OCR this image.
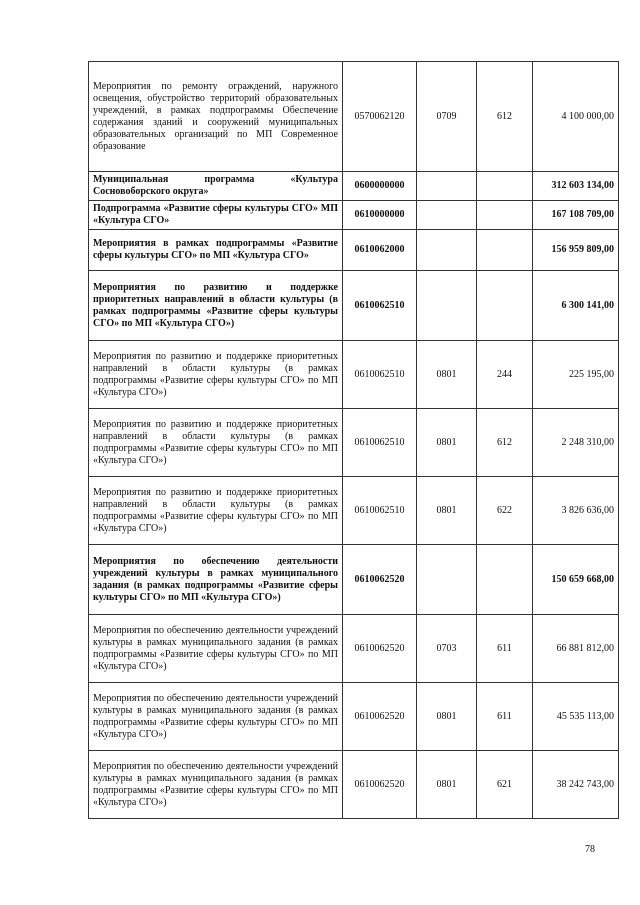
Мероприятия по ремонту ограждений, наружного освещения, обустройство территорий образовательных учреждений, в рамках подпрограммы Обеспечение содержания зданий и сооружений муниципальных образовательных организаций по МП Современное образование	0570062120	0709	612	4 100 000,00
Муниципальная программа «Культура Сосновоборского округа»	0600000000			312 603 134,00
Подпрограмма «Развитие сферы культуры СГО» МП «Культура СГО»	0610000000			167 108 709,00
Мероприятия в рамках подпрограммы «Развитие сферы культуры СГО» по МП «Культура СГО»	0610062000			156 959 809,00
Мероприятия по развитию и поддержке приоритетных направлений в области культуры (в рамках подпрограммы «Развитие сферы культуры СГО» по МП «Культура СГО»)	0610062510			6 300 141,00
Мероприятия по развитию и поддержке приоритетных направлений в области культуры (в рамках подпрограммы «Развитие сферы культуры СГО» по МП «Культура СГО»)	0610062510	0801	244	225 195,00
Мероприятия по развитию и поддержке приоритетных направлений в области культуры (в рамках подпрограммы «Развитие сферы культуры СГО» по МП «Культура СГО»)	0610062510	0801	612	2 248 310,00
Мероприятия по развитию и поддержке приоритетных направлений в области культуры (в рамках подпрограммы «Развитие сферы культуры СГО» по МП «Культура СГО»)	0610062510	0801	622	3 826 636,00
Мероприятия по обеспечению деятельности учреждений культуры в рамках муниципального задания (в рамках подпрограммы «Развитие сферы культуры СГО» по МП «Культура СГО»)	0610062520			150 659 668,00
Мероприятия по обеспечению деятельности учреждений культуры в рамках муниципального задания (в рамках подпрограммы «Развитие сферы культуры СГО» по МП «Культура СГО»)	0610062520	0703	611	66 881 812,00
Мероприятия по обеспечению деятельности учреждений культуры в рамках муниципального задания (в рамках подпрограммы «Развитие сферы культуры СГО» по МП «Культура СГО»)	0610062520	0801	611	45 535 113,00
Мероприятия по обеспечению деятельности учреждений культуры в рамках муниципального задания (в рамках подпрограммы «Развитие сферы культуры СГО» по МП «Культура СГО»)	0610062520	0801	621	38 242 743,00
78
